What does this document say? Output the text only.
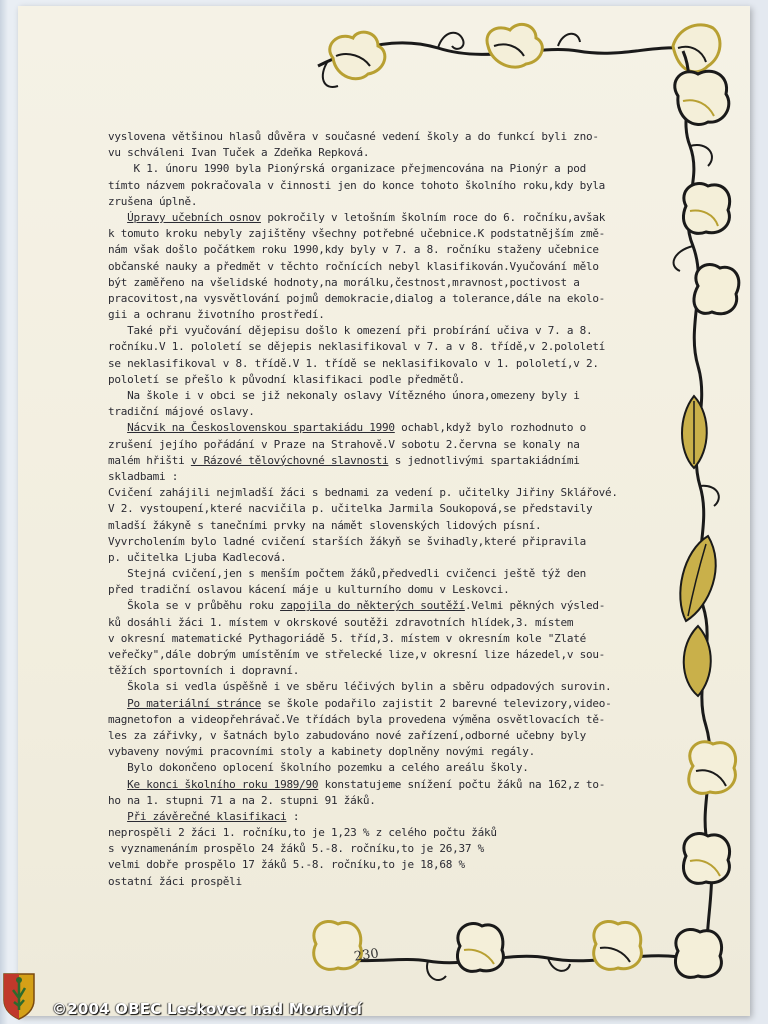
vyslovena většinou hlasů důvěra v současné vedení školy a do funkcí byli zno-
vu schváleni Ivan Tuček a Zdeňka Repková.
K 1. únoru 1990 byla Pionýrská organizace přejmencována na Pionýr a pod
tímto názvem pokračovala v činnosti jen do konce tohoto školního roku,kdy byla
zrušena úplně.
Úpravy učebních osnov pokročily v letošním školním roce do 6. ročníku,avšak
k tomuto kroku nebyly zajištěny všechny potřebné učebnice.K podstatnějším změ-
nám však došlo počátkem roku 1990,kdy byly v 7. a 8. ročníku staženy učebnice
občanské nauky a předmět v těchto ročnících nebyl klasifikován.Vyučování mělo
být zaměřeno na všelidské hodnoty,na morálku,čestnost,mravnost,poctivost a
pracovitost,na vysvětlování pojmů demokracie,dialog a tolerance,dále na ekolo-
gii a ochranu životního prostředí.
Také při vyučování dějepisu došlo k omezení při probírání učiva v 7. a 8.
ročníku.V 1. pololetí se dějepis neklasifikoval v 7. a v 8. třídě,v 2.pololetí
se neklasifikoval v 8. třídě.V 1. třídě se neklasifikovalo v 1. pololetí,v 2.
pololetí se přešlo k původní klasifikaci podle předmětů.
Na škole i v obci se již nekonaly oslavy Vítězného února,omezeny byly i
tradiční májové oslavy.
Nácvik na Československou spartakiádu 1990 ochabl,když bylo rozhodnuto o
zrušení jejího pořádání v Praze na Strahově.V sobotu 2.června se konaly na
malém hřišti v Rázové tělovýchovné slavnosti s jednotlivými spartakiádními
skladbami :
Cvičení zahájili nejmladší žáci s bednami za vedení p. učitelky Jiřiny Sklářové.
V 2. vystoupení,které nacvičila p. učitelka Jarmila Soukopová,se představily
mladší žákyně s tanečními prvky na námět slovenských lidových písní.
Vyvrcholením bylo ladné cvičení starších žákyň se švihadly,které připravila
p. učitelka Ljuba Kadlecová.
Stejná cvičení,jen s menším počtem žáků,předvedli cvičenci ještě týž den
před tradiční oslavou kácení máje u kulturního domu v Leskovci.
Škola se v průběhu roku zapojila do některých soutěží.Velmi pěkných výsled-
ků dosáhli žáci 1. místem v okrskové soutěži zdravotních hlídek,3. místem
v okresní matematické Pythagoriádě 5. tříd,3. místem v okresním kole "Zlaté
veřečky",dále dobrým umístěním ve střelecké lize,v okresní lize házedel,v sou-
těžích sportovních i dopravní.
Škola si vedla úspěšně i ve sběru léčivých bylin a sběru odpadových surovin.
Po materiální stránce se škole podařilo zajistit 2 barevné televizory,video-
magnetofon a videopřehrávač.Ve třídách byla provedena výměna osvětlovacích tě-
les za zářivky, v šatnách bylo zabudováno nové zařízení,odborné učebny byly
vybaveny novými pracovními stoly a kabinety doplněny novými regály.
Bylo dokončeno oplocení školního pozemku a celého areálu školy.
Ke konci školního roku 1989/90 konstatujeme snížení počtu žáků na 162,z to-
ho na 1. stupni 71 a na 2. stupni 91 žáků.
Při závěrečné klasifikaci :
neprospěli 2 žáci 1. ročníku,to je 1,23 % z celého počtu žáků
s vyznamenáním prospělo 24 žáků 5.-8. ročníku,to je 26,37 %
velmi dobře prospělo 17 žáků 5.-8. ročníku,to je 18,68 %
ostatní žáci prospěli
230
©2004 OBEC Leskovec nad Moravicí
